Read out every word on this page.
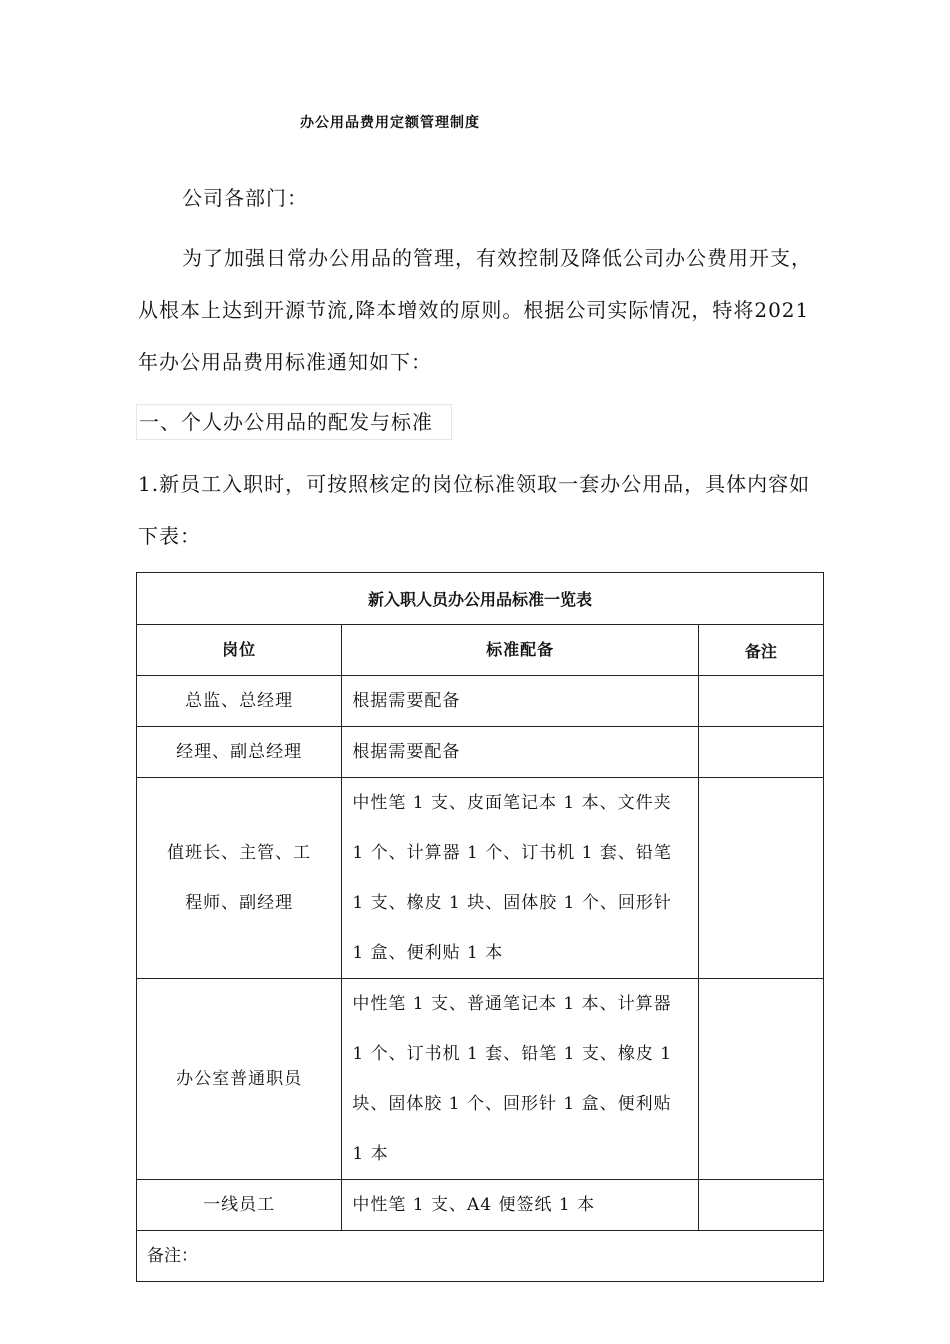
办公用品费用定额管理制度

公司各部门：

为了加强日常办公用品的管理，有效控制及降低公司办公费用开支，从根本上达到开源节流,降本增效的原则。根据公司实际情况，特将2021年办公用品费用标准通知如下：

一、个人办公用品的配发与标准

1.新员工入职时，可按照核定的岗位标准领取一套办公用品，具体内容如下表：

新入职人员办公用品标准一览表		
岗位	标准配备	备注
总监、总经理	根据需要配备	
经理、副总经理	根据需要配备	
值班长、主管、工程师、副经理	中性笔 1 支、皮面笔记本 1 本、文件夹 1 个、计算器 1 个、订书机 1 套、铅笔 1 支、橡皮 1 块、固体胶 1 个、回形针 1 盒、便利贴 1 本	
办公室普通职员	中性笔 1 支、普通笔记本 1 本、计算器 1 个、订书机 1 套、铅笔 1 支、橡皮 1 块、固体胶 1 个、回形针 1 盒、便利贴 1 本	
一线员工	中性笔 1 支、A4 便签纸 1 本	
备注：		
